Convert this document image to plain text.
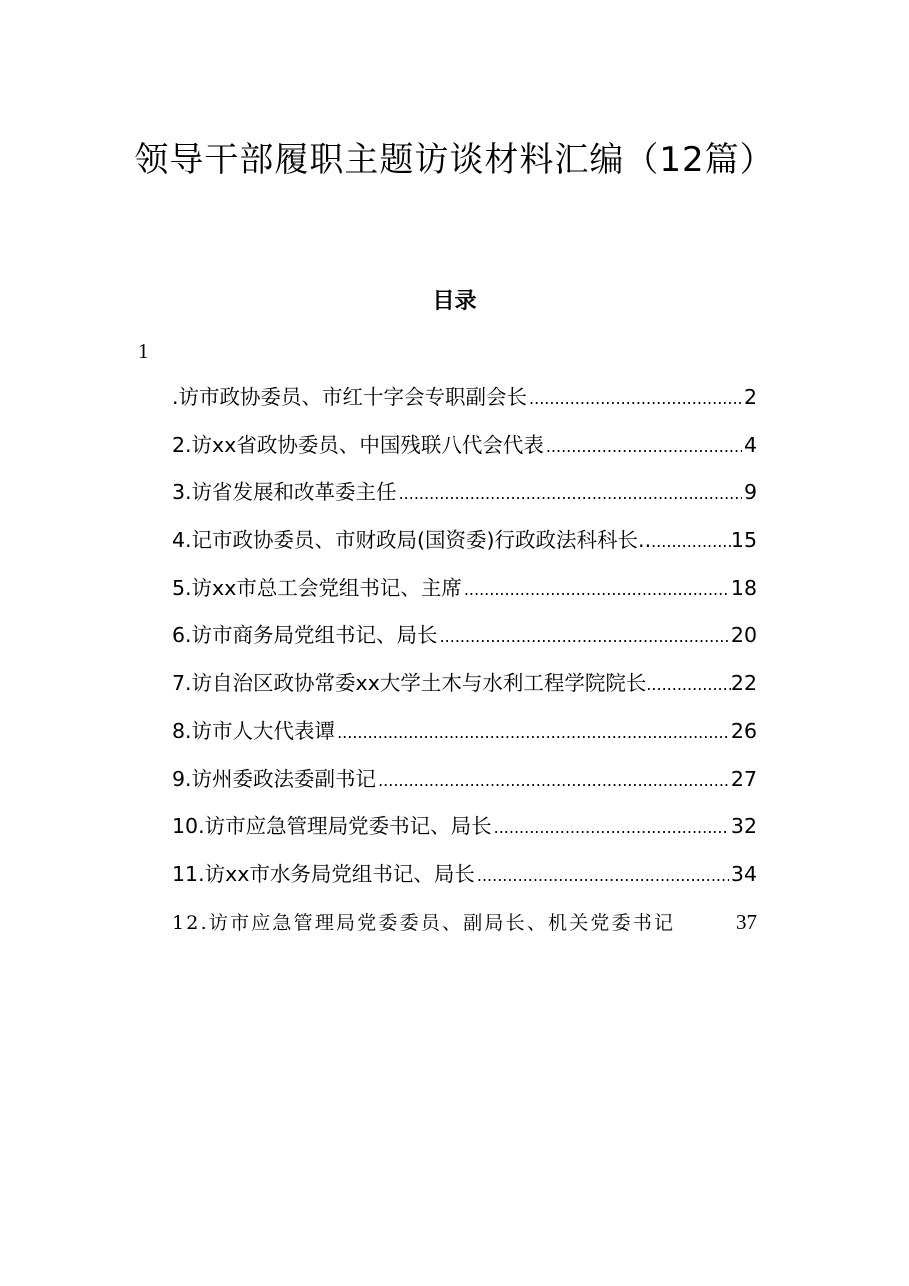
领导干部履职主题访谈材料汇编（12篇）
目录
1
.访市政协委员、市红十字会专职副会长 .....	2
2.访xx省政协委员、中国残联八代会代表 .....	4
3.访省发展和改革委主任 .....	9
4.记市政协委员、市财政局(国资委)行政政法科科长.. .....	15
5.访xx市总工会党组书记、主席 .....	18
6.访市商务局党组书记、局长 .....	20
7.访自治区政协常委xx大学土木与水利工程学院院长 .....	22
8.访市人大代表谭 .....	26
9.访州委政法委副书记 .....	27
10.访市应急管理局党委书记、局长 .....	32
11.访xx市水务局党组书记、局长 .....	34
12.访市应急管理局党委委员、副局长、机关党委书记	37
